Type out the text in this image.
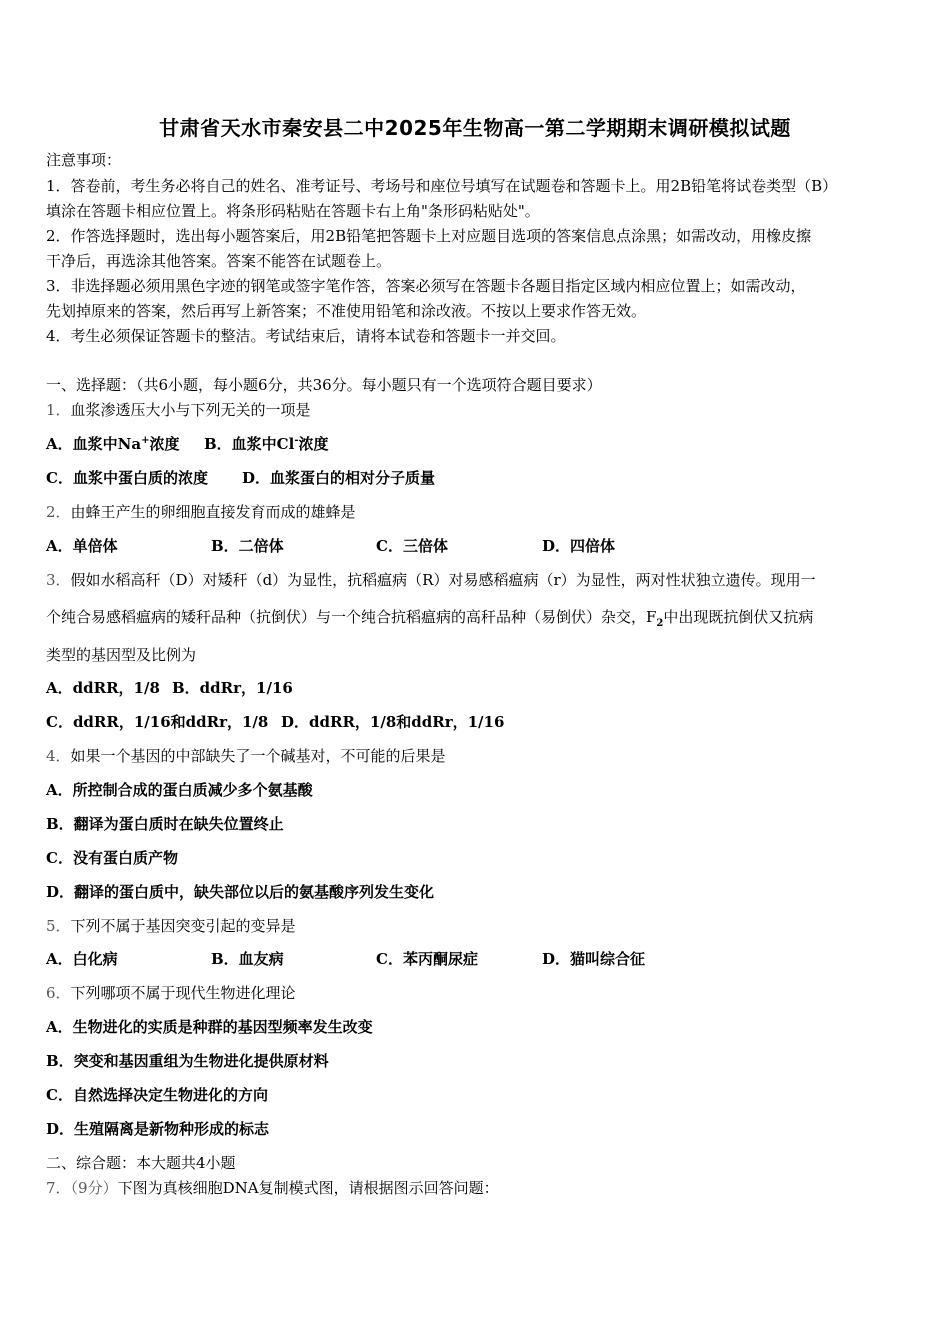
甘肃省天水市秦安县二中2025年生物高一第二学期期末调研模拟试题
注意事项：
1．答卷前，考生务必将自己的姓名、准考证号、考场号和座位号填写在试题卷和答题卡上。用2B铅笔将试卷类型（B）
填涂在答题卡相应位置上。将条形码粘贴在答题卡右上角"条形码粘贴处"。
2．作答选择题时，选出每小题答案后，用2B铅笔把答题卡上对应题目选项的答案信息点涂黑；如需改动，用橡皮擦
干净后，再选涂其他答案。答案不能答在试题卷上。
3．非选择题必须用黑色字迹的钢笔或签字笔作答，答案必须写在答题卡各题目指定区域内相应位置上；如需改动，
先划掉原来的答案，然后再写上新答案；不准使用铅笔和涂改液。不按以上要求作答无效。
4．考生必须保证答题卡的整洁。考试结束后，请将本试卷和答题卡一并交回。
一、选择题：（共6小题，每小题6分，共36分。每小题只有一个选项符合题目要求）
1．血浆渗透压大小与下列无关的一项是
A．血浆中Na+浓度 B．血浆中Cl-浓度
C．血浆中蛋白质的浓度 D．血浆蛋白的相对分子质量
2．由蜂王产生的卵细胞直接发育而成的雄蜂是
A．单倍体	B．二倍体	C．三倍体	D．四倍体
3．假如水稻高秆（D）对矮秆（d）为显性，抗稻瘟病（R）对易感稻瘟病（r）为显性，两对性状独立遗传。现用一
个纯合易感稻瘟病的矮秆品种（抗倒伏）与一个纯合抗稻瘟病的高秆品种（易倒伏）杂交，$F_2$中出现既抗倒伏又抗病
类型的基因型及比例为
A．ddRR，1/8 B．ddRr，1/16
C．ddRR，1/16和ddRr，1/8 D．ddRR，1/8和ddRr，1/16
4．如果一个基因的中部缺失了一个碱基对，不可能的后果是
A．所控制合成的蛋白质减少多个氨基酸
B．翻译为蛋白质时在缺失位置终止
C．没有蛋白质产物
D．翻译的蛋白质中，缺失部位以后的氨基酸序列发生变化
5．下列不属于基因突变引起的变异是
A．白化病	B．血友病	C．苯丙酮尿症	D．猫叫综合征
6．下列哪项不属于现代生物进化理论
A．生物进化的实质是种群的基因型频率发生改变
B．突变和基因重组为生物进化提供原材料
C．自然选择决定生物进化的方向
D．生殖隔离是新物种形成的标志
二、综合题：本大题共4小题
7．（9分）下图为真核细胞DNA复制模式图，请根据图示回答问题：
